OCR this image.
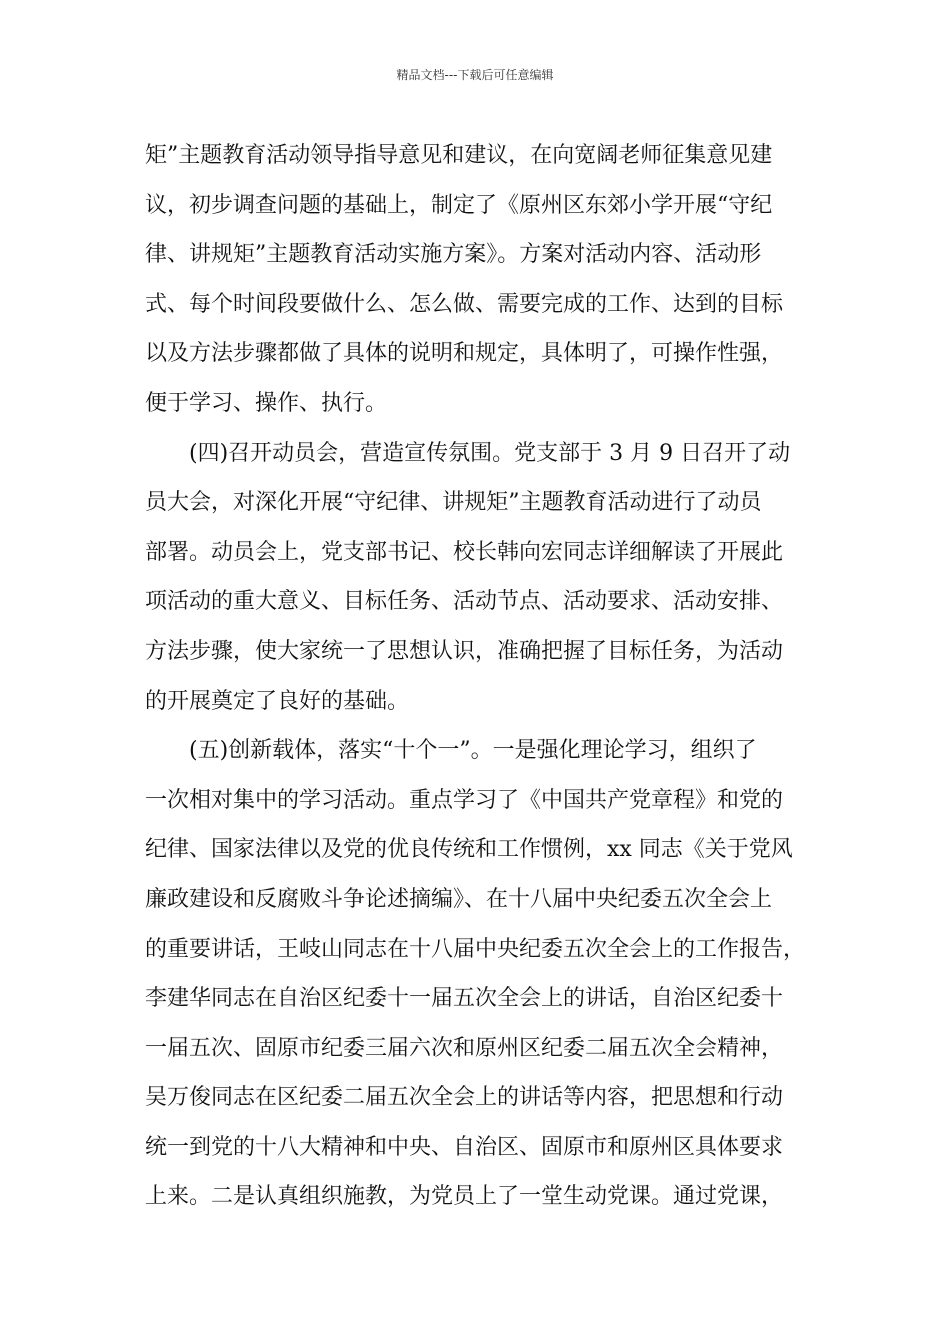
精品文档---下载后可任意编辑
矩”主题教育活动领导指导意见和建议，在向宽阔老师征集意见建
议，初步调查问题的基础上，制定了《原州区东郊小学开展“守纪
律、讲规矩”主题教育活动实施方案》。方案对活动内容、活动形
式、每个时间段要做什么、怎么做、需要完成的工作、达到的目标
以及方法步骤都做了具体的说明和规定，具体明了，可操作性强，
便于学习、操作、执行。
(四)召开动员会，营造宣传氛围。党支部于 3 月 9 日召开了动
员大会，对深化开展“守纪律、讲规矩”主题教育活动进行了动员
部署。动员会上，党支部书记、校长韩向宏同志详细解读了开展此
项活动的重大意义、目标任务、活动节点、活动要求、活动安排、
方法步骤，使大家统一了思想认识，准确把握了目标任务，为活动
的开展奠定了良好的基础。
(五)创新载体，落实“十个一”。一是强化理论学习，组织了
一次相对集中的学习活动。重点学习了《中国共产党章程》和党的
纪律、国家法律以及党的优良传统和工作惯例，xx 同志《关于党风
廉政建设和反腐败斗争论述摘编》、在十八届中央纪委五次全会上
的重要讲话，王岐山同志在十八届中央纪委五次全会上的工作报告，
李建华同志在自治区纪委十一届五次全会上的讲话，自治区纪委十
一届五次、固原市纪委三届六次和原州区纪委二届五次全会精神，
吴万俊同志在区纪委二届五次全会上的讲话等内容，把思想和行动
统一到党的十八大精神和中央、自治区、固原市和原州区具体要求
上来。二是认真组织施教，为党员上了一堂生动党课。通过党课，
